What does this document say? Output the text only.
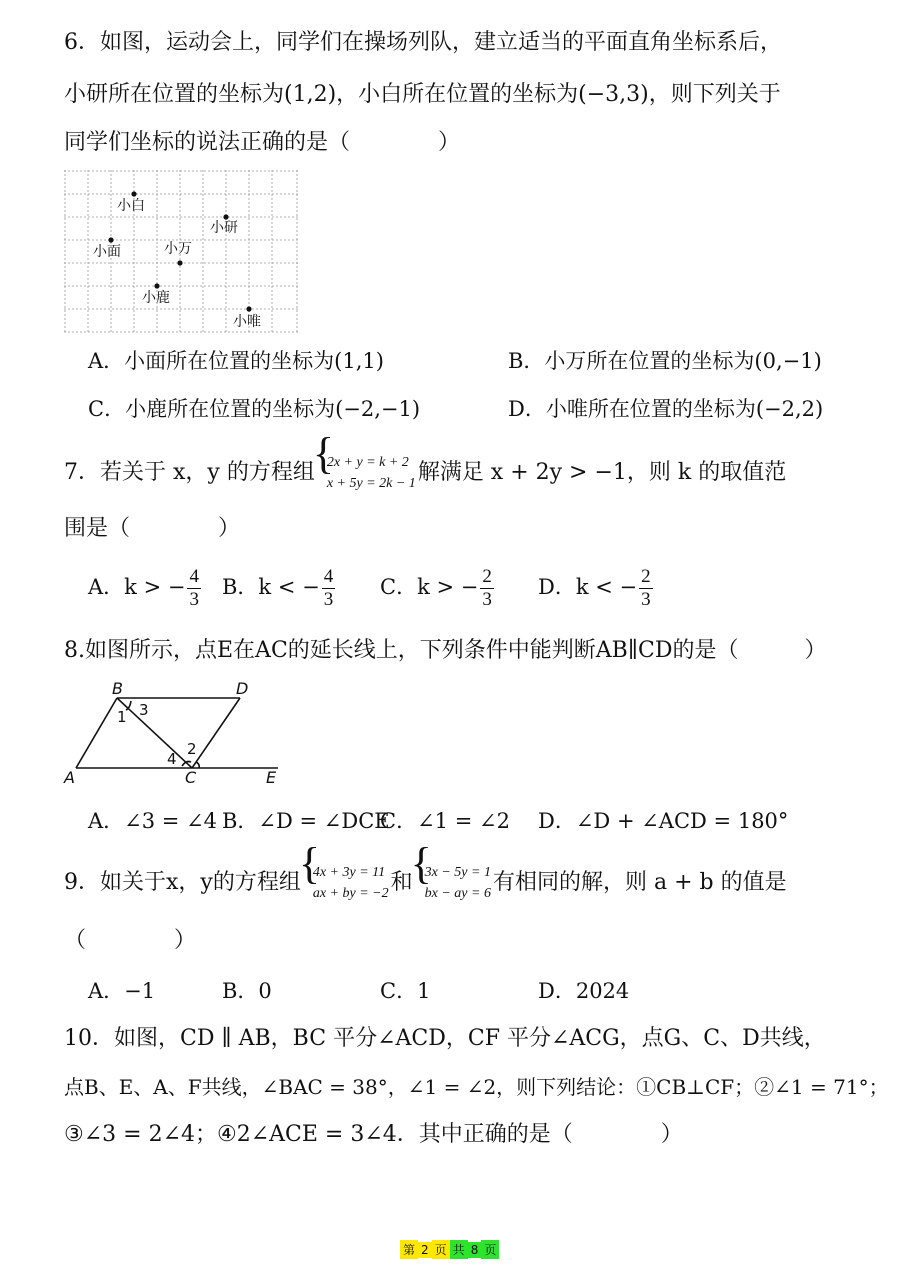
6．如图，运动会上，同学们在操场列队，建立适当的平面直角坐标系后，
小研所在位置的坐标为(1,2)，小白所在位置的坐标为(−3,3)，则下列关于
同学们坐标的说法正确的是（　　　　）
小白
小研
小面	小万
小鹿
小唯
A．小面所在位置的坐标为(1,1)	B．小万所在位置的坐标为(0,−1)
C．小鹿所在位置的坐标为(−2,−1)	D．小唯所在位置的坐标为(−2,2)
7．若关于 x，y 的方程组 { 2x + y = k + 2
x + 5y = 2k − 1 解满足 x + 2y > −1，则 k 的取值范
围是（　　　　）
A．k > − $\frac{4}{3}$ B．k < − $\frac{4}{3}$ C．k > − $\frac{2}{3}$ D．k < − $\frac{2}{3}$
8.如图所示，点E在AC的延长线上，下列条件中能判断AB∥CD的是（　　　）
B	D
A	C	E
1 3
2
4
A．∠3 = ∠4 B．∠D = ∠DCE
C．∠1 = ∠2 D．∠D + ∠ACD = 180°
9．如关于x，y的方程组 { 4x + 3y = 11
ax + by = −2 和 { 3x − 5y = 1
bx − ay = 6 有相同的解，则 a + b 的值是
（　　　　）
A．−1	B．0	C．1	D．2024
10．如图，CD ∥ AB，BC 平分∠ACD，CF 平分∠ACG，点G、C、D共线，
点B、E、A、F共线，∠BAC = 38°，∠1 = ∠2，则下列结论：①CB⊥CF；②∠1 = 71°；
③∠3 = 2∠4；④2∠ACE = 3∠4．其中正确的是（　　　　）
第 2 页 共 8 页
